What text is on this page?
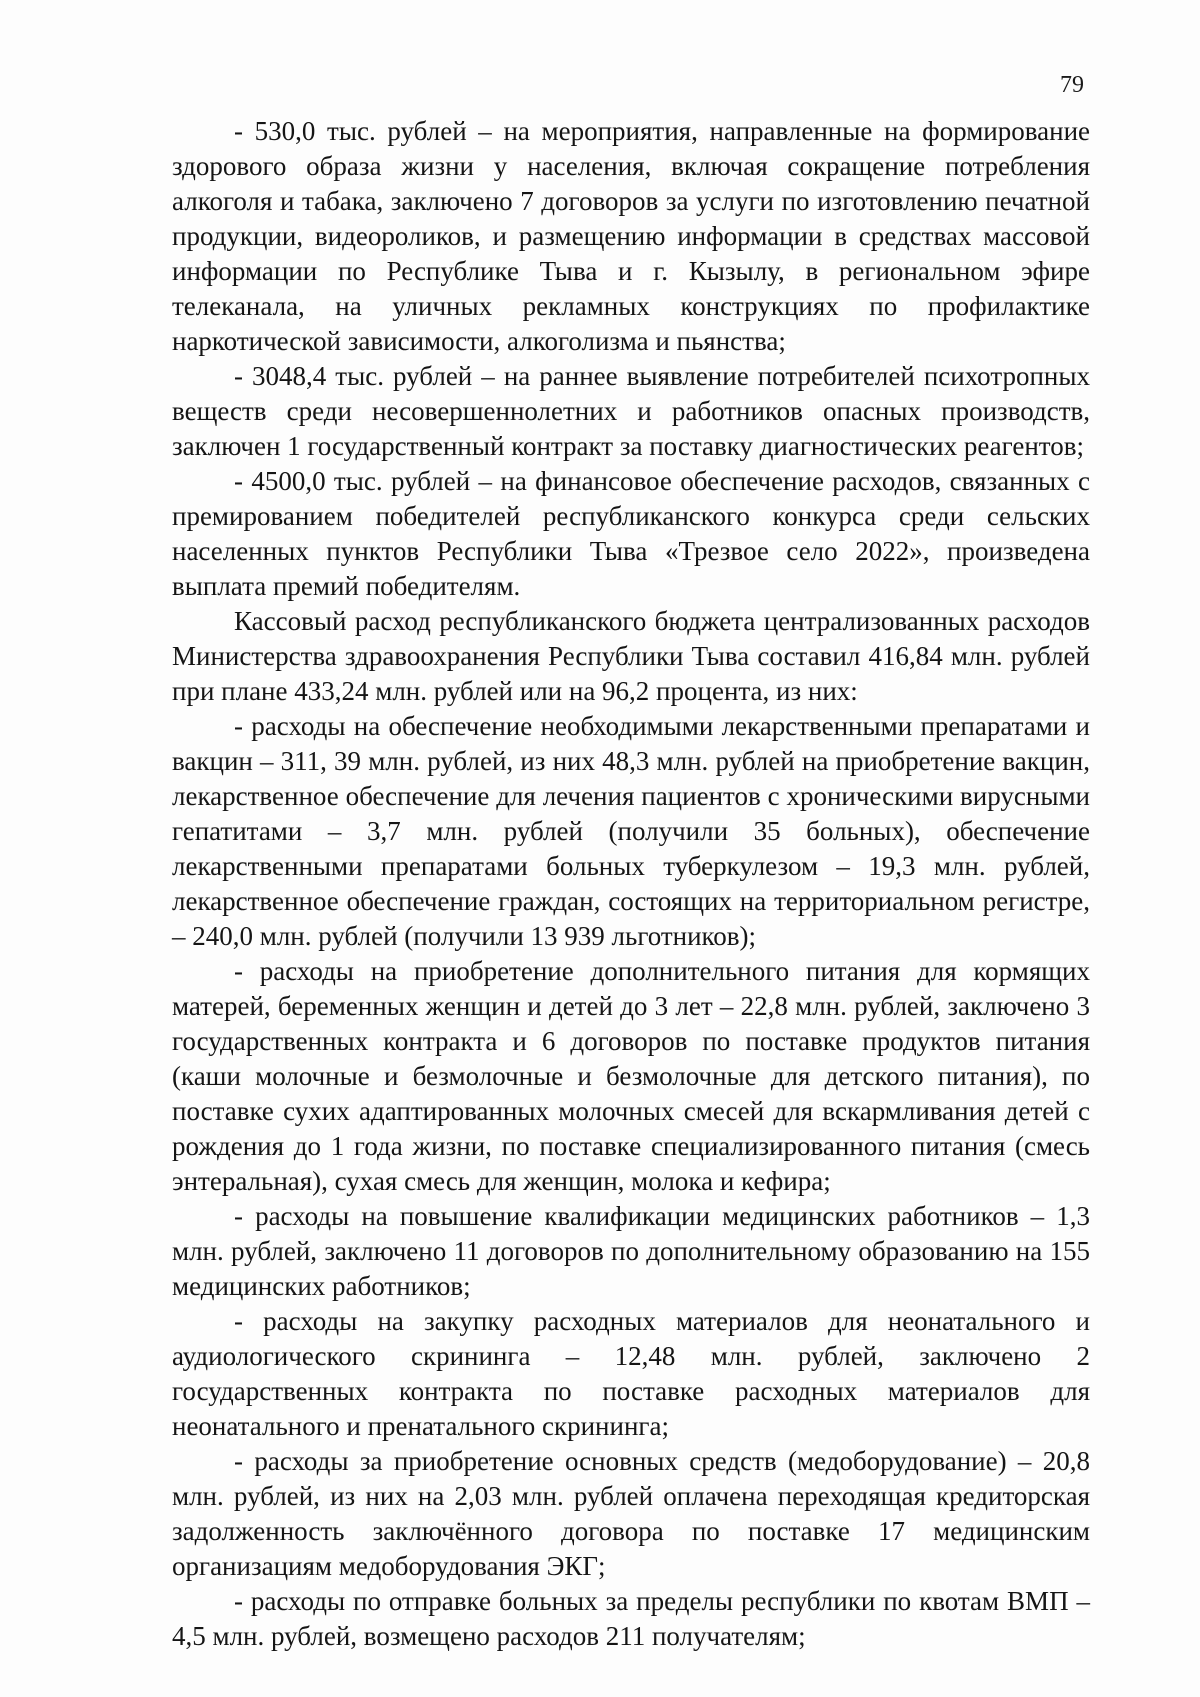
79

- 530,0 тыс. рублей – на мероприятия, направленные на формирование здорового образа жизни у населения, включая сокращение потребления алкоголя и табака, заключено 7 договоров за услуги по изготовлению печатной продукции, видеороликов, и размещению информации в средствах массовой информации по Республике Тыва и г. Кызылу, в региональном эфире телеканала, на уличных рекламных конструкциях по профилактике наркотической зависимости, алкоголизма и пьянства;

- 3048,4 тыс. рублей – на раннее выявление потребителей психотропных веществ среди несовершеннолетних и работников опасных производств, заключен 1 государственный контракт за поставку диагностических реагентов;

- 4500,0 тыс. рублей – на финансовое обеспечение расходов, связанных с премированием победителей республиканского конкурса среди сельских населенных пунктов Республики Тыва «Трезвое село 2022», произведена выплата премий победителям.

Кассовый расход республиканского бюджета централизованных расходов Министерства здравоохранения Республики Тыва составил 416,84 млн. рублей при плане 433,24 млн. рублей или на 96,2 процента, из них:

- расходы на обеспечение необходимыми лекарственными препаратами и вакцин – 311, 39 млн. рублей, из них 48,3 млн. рублей на приобретение вакцин, лекарственное обеспечение для лечения пациентов с хроническими вирусными гепатитами – 3,7 млн. рублей (получили 35 больных), обеспечение лекарственными препаратами больных туберкулезом – 19,3 млн. рублей, лекарственное обеспечение граждан, состоящих на территориальном регистре, – 240,0 млн. рублей (получили 13 939 льготников);

- расходы на приобретение дополнительного питания для кормящих матерей, беременных женщин и детей до 3 лет – 22,8 млн. рублей, заключено 3 государственных контракта и 6 договоров по поставке продуктов питания (каши молочные и безмолочные и безмолочные для детского питания), по поставке сухих адаптированных молочных смесей для вскармливания детей с рождения до 1 года жизни, по поставке специализированного питания (смесь энтеральная), сухая смесь для женщин, молока и кефира;

- расходы на повышение квалификации медицинских работников – 1,3 млн. рублей, заключено 11 договоров по дополнительному образованию на 155 медицинских работников;

- расходы на закупку расходных материалов для неонатального и аудиологического скрининга – 12,48 млн. рублей, заключено 2 государственных контракта по поставке расходных материалов для неонатального и пренатального скрининга;

- расходы за приобретение основных средств (медоборудование) – 20,8 млн. рублей, из них на 2,03 млн. рублей оплачена переходящая кредиторская задолженность заключённого договора по поставке 17 медицинским организациям медоборудования ЭКГ;

- расходы по отправке больных за пределы республики по квотам ВМП – 4,5 млн. рублей, возмещено расходов 211 получателям;
